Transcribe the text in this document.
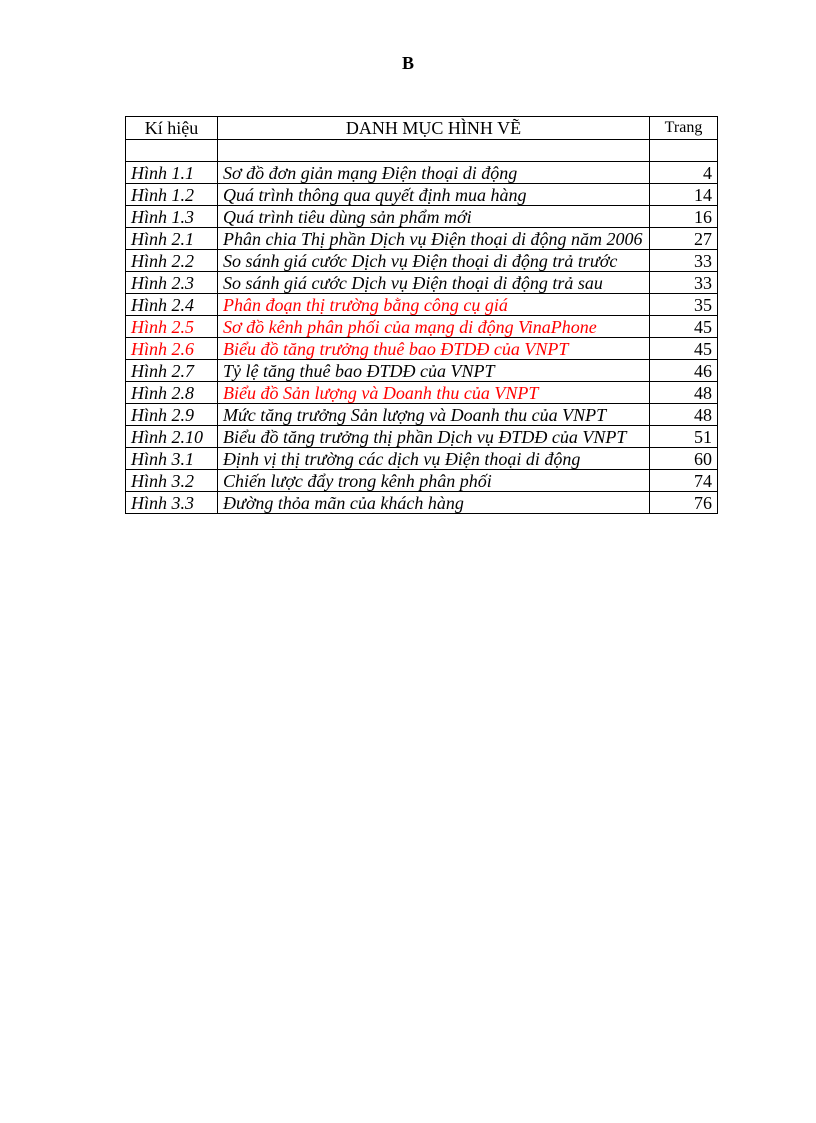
B
Kí hiệu	DANH MỤC HÌNH VẼ	Trang

Hình 1.1	Sơ đồ đơn giản mạng Điện thoại di động	4
Hình 1.2	Quá trình thông qua quyết định mua hàng	14
Hình 1.3	Quá trình tiêu dùng sản phẩm mới	16
Hình 2.1	Phân chia Thị phần Dịch vụ Điện thoại di động năm 2006	27
Hình 2.2	So sánh giá cước Dịch vụ Điện thoại di động trả trước	33
Hình 2.3	So sánh giá cước Dịch vụ Điện thoại di động trả sau	33
Hình 2.4	Phân đoạn thị trường bằng công cụ giá	35
Hình 2.5	Sơ đồ kênh phân phối của mạng di động VinaPhone	45
Hình 2.6	Biểu đồ tăng trưởng thuê bao ĐTDĐ của VNPT	45
Hình 2.7	Tỷ lệ tăng thuê bao ĐTDĐ của VNPT	46
Hình 2.8	Biểu đồ Sản lượng và Doanh thu của VNPT	48
Hình 2.9	Mức tăng trưởng Sản lượng và Doanh thu của VNPT	48
Hình 2.10	Biểu đồ tăng trưởng thị phần Dịch vụ ĐTDĐ của VNPT	51
Hình 3.1	Định vị thị trường các dịch vụ Điện thoại di động	60
Hình 3.2	Chiến lược đẩy trong kênh phân phối	74
Hình 3.3	Đường thỏa mãn của khách hàng	76
